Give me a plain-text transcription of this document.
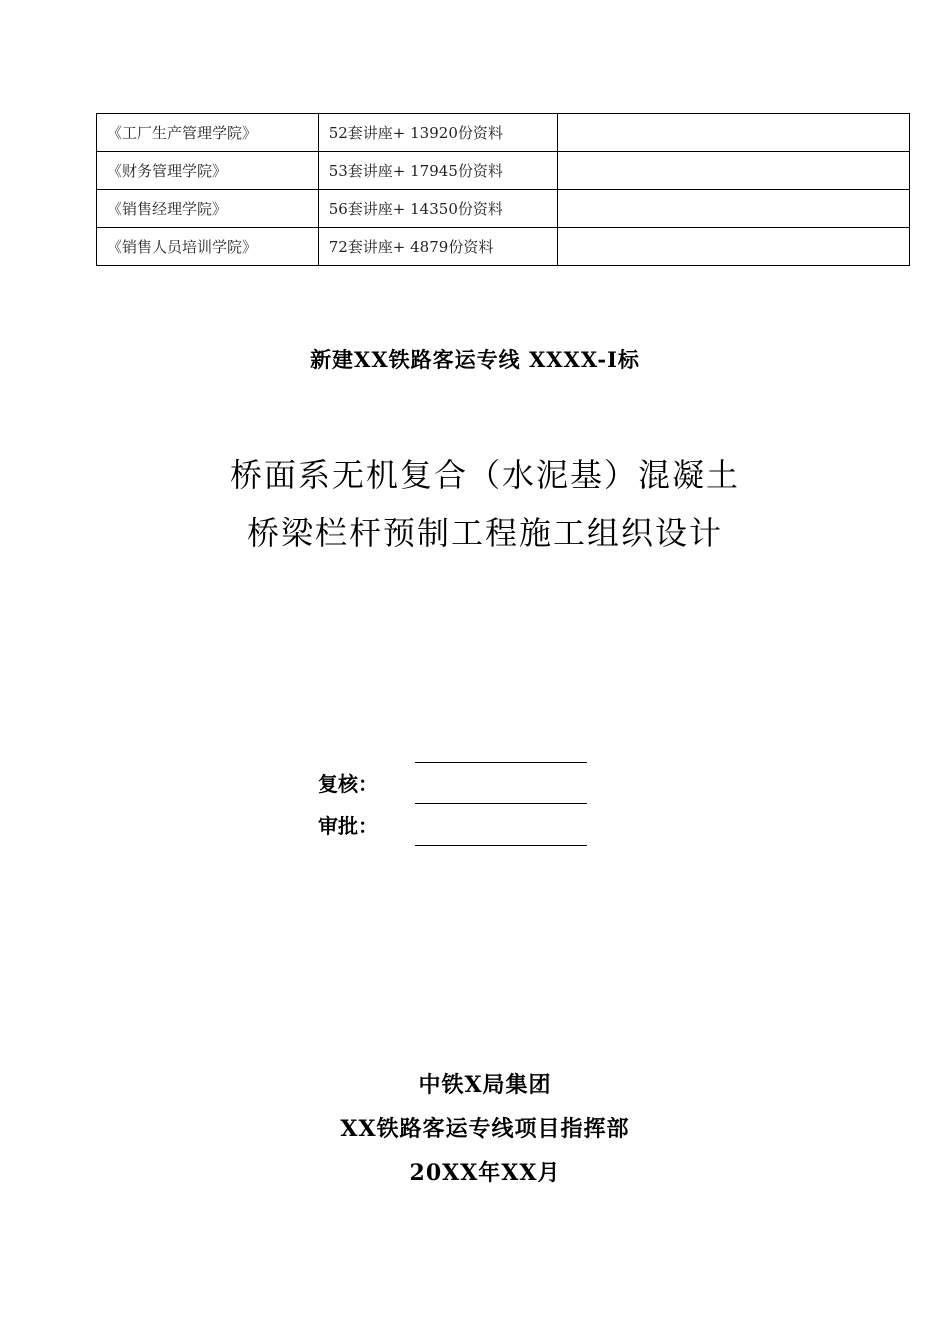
《工厂生产管理学院》	52套讲座+ 13920份资料	
《财务管理学院》	53套讲座+ 17945份资料	
《销售经理学院》	56套讲座+ 14350份资料	
《销售人员培训学院》	72套讲座+ 4879份资料	
新建XX铁路客运专线 XXXX-I标
桥面系无机复合（水泥基）混凝土
桥梁栏杆预制工程施工组织设计
复核：
审批：
中铁X局集团
XX铁路客运专线项目指挥部
20XX年XX月
